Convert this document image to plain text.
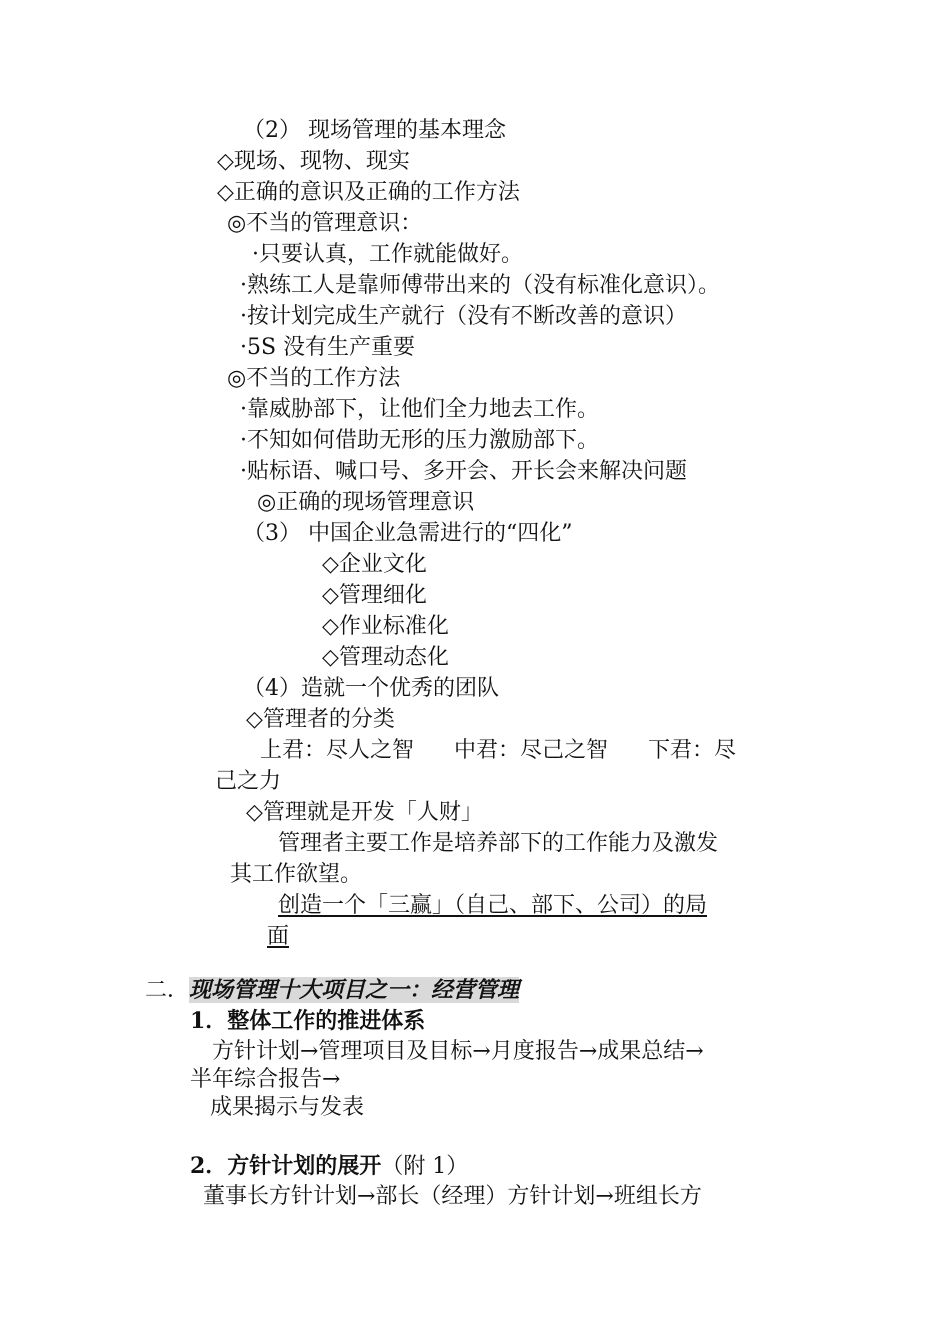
（2） 现场管理的基本理念
◇现场、现物、现实
◇正确的意识及正确的工作方法
◎不当的管理意识：
·只要认真，工作就能做好。
·熟练工人是靠师傅带出来的（没有标准化意识）。
·按计划完成生产就行（没有不断改善的意识）
·5S 没有生产重要
◎不当的工作方法
·靠威胁部下，让他们全力地去工作。
·不知如何借助无形的压力激励部下。
·贴标语、喊口号、多开会、开长会来解决问题
◎正确的现场管理意识
（3） 中国企业急需进行的“四化”
◇企业文化
◇管理细化
◇作业标准化
◇管理动态化
（4）造就一个优秀的团队
◇管理者的分类
上君：尽人之智 中君：尽己之智 下君：尽
己之力
◇管理就是开发「人财」
管理者主要工作是培养部下的工作能力及激发
其工作欲望。
创造一个「三赢」（自己、部下、公司）的局
面
二．现场管理十大项目之一：经营管理
1．整体工作的推进体系
方针计划→管理项目及目标→月度报告→成果总结→
半年综合报告→
成果揭示与发表
2．方针计划的展开（附 1）
董事长方针计划→部长（经理）方针计划→班组长方
